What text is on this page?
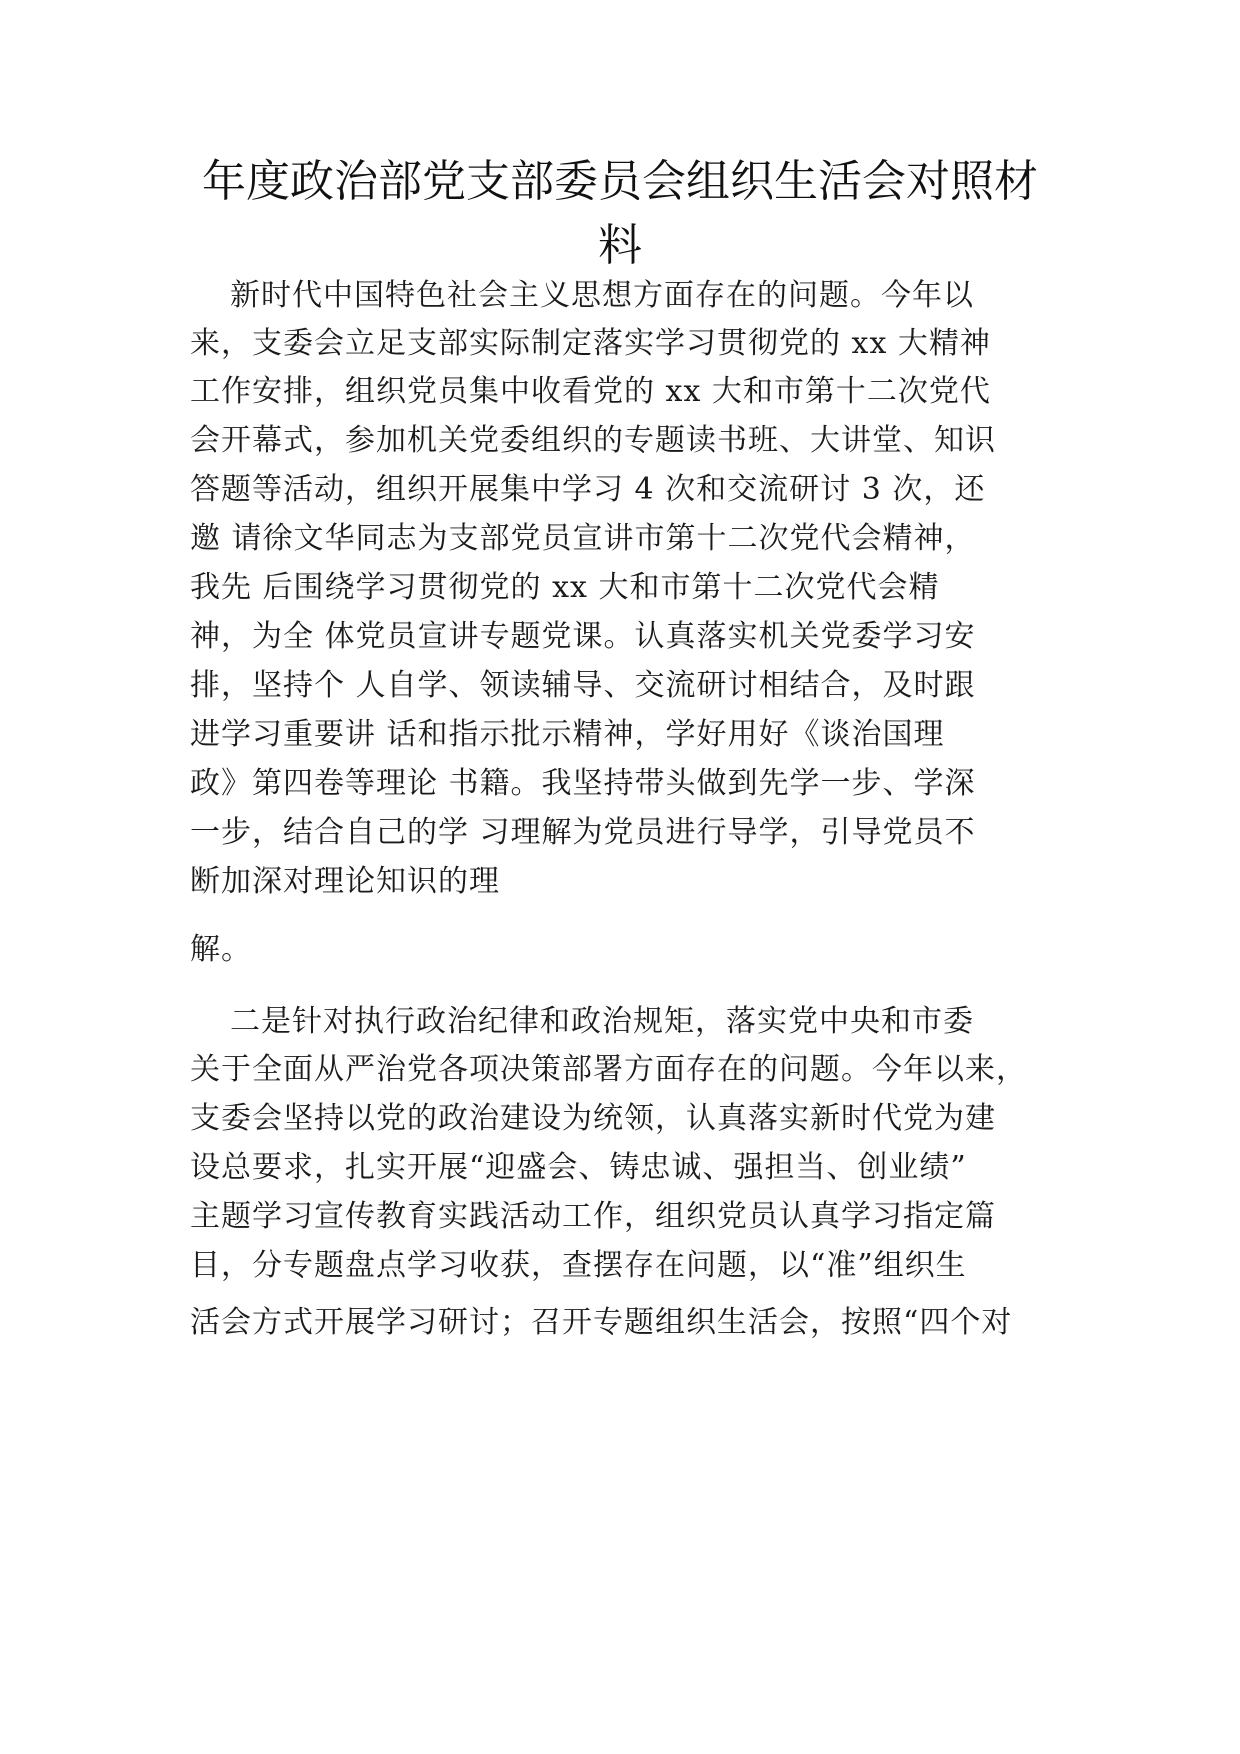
年度政治部党支部委员会组织生活会对照材
料
新时代中国特色社会主义思想方面存在的问题。今年以
来，支委会立足支部实际制定落实学习贯彻党的 xx 大精神
工作安排，组织党员集中收看党的 xx 大和市第十二次党代
会开幕式，参加机关党委组织的专题读书班、大讲堂、知识
答题等活动，组织开展集中学习 4 次和交流研讨 3 次，还
邀 请徐文华同志为支部党员宣讲市第十二次党代会精神，
我先 后围绕学习贯彻党的 xx 大和市第十二次党代会精
神，为全 体党员宣讲专题党课。认真落实机关党委学习安
排，坚持个 人自学、领读辅导、交流研讨相结合，及时跟
进学习重要讲 话和指示批示精神，学好用好《谈治国理
政》第四卷等理论 书籍。我坚持带头做到先学一步、学深
一步，结合自己的学 习理解为党员进行导学，引导党员不
断加深对理论知识的理
解。
二是针对执行政治纪律和政治规矩，落实党中央和市委
关于全面从严治党各项决策部署方面存在的问题。今年以来，
支委会坚持以党的政治建设为统领，认真落实新时代党为建
设总要求，扎实开展“迎盛会、铸忠诚、强担当、创业绩”
主题学习宣传教育实践活动工作，组织党员认真学习指定篇
目，分专题盘点学习收获，查摆存在问题，以“准”组织生
活会方式开展学习研讨；召开专题组织生活会，按照“四个对
